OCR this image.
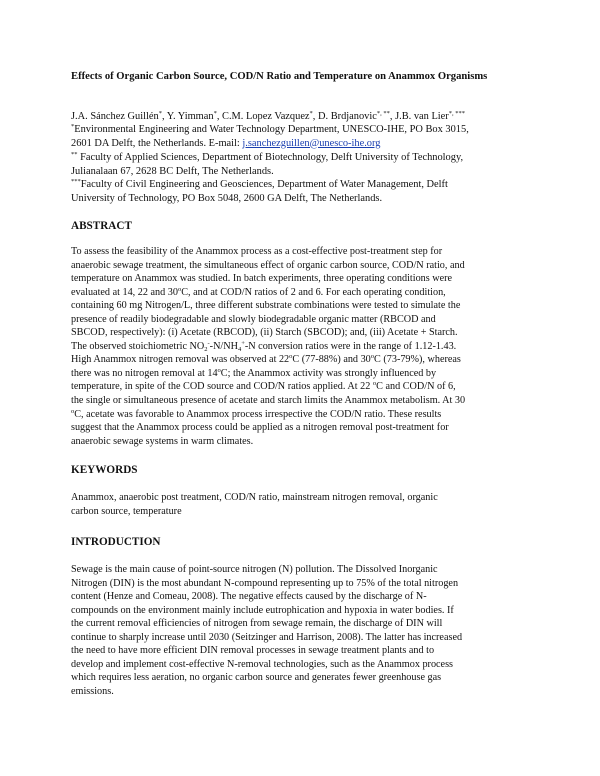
Effects of Organic Carbon Source, COD/N Ratio and Temperature on Anammox Organisms
J.A. Sánchez Guillén*, Y. Yimman*, C.M. Lopez Vazquez*, D. Brdjanovic*, **, J.B. van Lier*, ***
*Environmental Engineering and Water Technology Department, UNESCO-IHE, PO Box 3015,
2601 DA Delft, the Netherlands. E-mail: j.sanchezguillen@unesco-ihe.org
** Faculty of Applied Sciences, Department of Biotechnology, Delft University of Technology,
Julianalaan 67, 2628 BC Delft, The Netherlands.
***Faculty of Civil Engineering and Geosciences, Department of Water Management, Delft
University of Technology, PO Box 5048, 2600 GA Delft, The Netherlands.
ABSTRACT
To assess the feasibility of the Anammox process as a cost-effective post-treatment step for
anaerobic sewage treatment, the simultaneous effect of organic carbon source, COD/N ratio, and
temperature on Anammox was studied. In batch experiments, three operating conditions were
evaluated at 14, 22 and 30$^o$C, and at COD/N ratios of 2 and 6. For each operating condition,
containing 60 mg Nitrogen/L, three different substrate combinations were tested to simulate the
presence of readily biodegradable and slowly biodegradable organic matter (RBCOD and
SBCOD, respectively): (i) Acetate (RBCOD), (ii) Starch (SBCOD); and, (iii) Acetate + Starch.
The observed stoichiometric $NO_2^--N/NH_4^+-N$ conversion ratios were in the range of 1.12-1.43.
High Anammox nitrogen removal was observed at 22$^o$C (77-88%) and 30$^o$C (73-79%), whereas
there was no nitrogen removal at 14$^o$C; the Anammox activity was strongly influenced by
temperature, in spite of the COD source and COD/N ratios applied. At 22 $^o$C and COD/N of 6,
the single or simultaneous presence of acetate and starch limits the Anammox metabolism. At 30
$^o$C, acetate was favorable to Anammox process irrespective the COD/N ratio. These results
suggest that the Anammox process could be applied as a nitrogen removal post-treatment for
anaerobic sewage systems in warm climates.
KEYWORDS
Anammox, anaerobic post treatment, COD/N ratio, mainstream nitrogen removal, organic
carbon source, temperature
INTRODUCTION
Sewage is the main cause of point-source nitrogen (N) pollution. The Dissolved Inorganic
Nitrogen (DIN) is the most abundant N-compound representing up to 75% of the total nitrogen
content (Henze and Comeau, 2008). The negative effects caused by the discharge of N-
compounds on the environment mainly include eutrophication and hypoxia in water bodies. If
the current removal efficiencies of nitrogen from sewage remain, the discharge of DIN will
continue to sharply increase until 2030 (Seitzinger and Harrison, 2008). The latter has increased
the need to have more efficient DIN removal processes in sewage treatment plants and to
develop and implement cost-effective N-removal technologies, such as the Anammox process
which requires less aeration, no organic carbon source and generates fewer greenhouse gas
emissions.
